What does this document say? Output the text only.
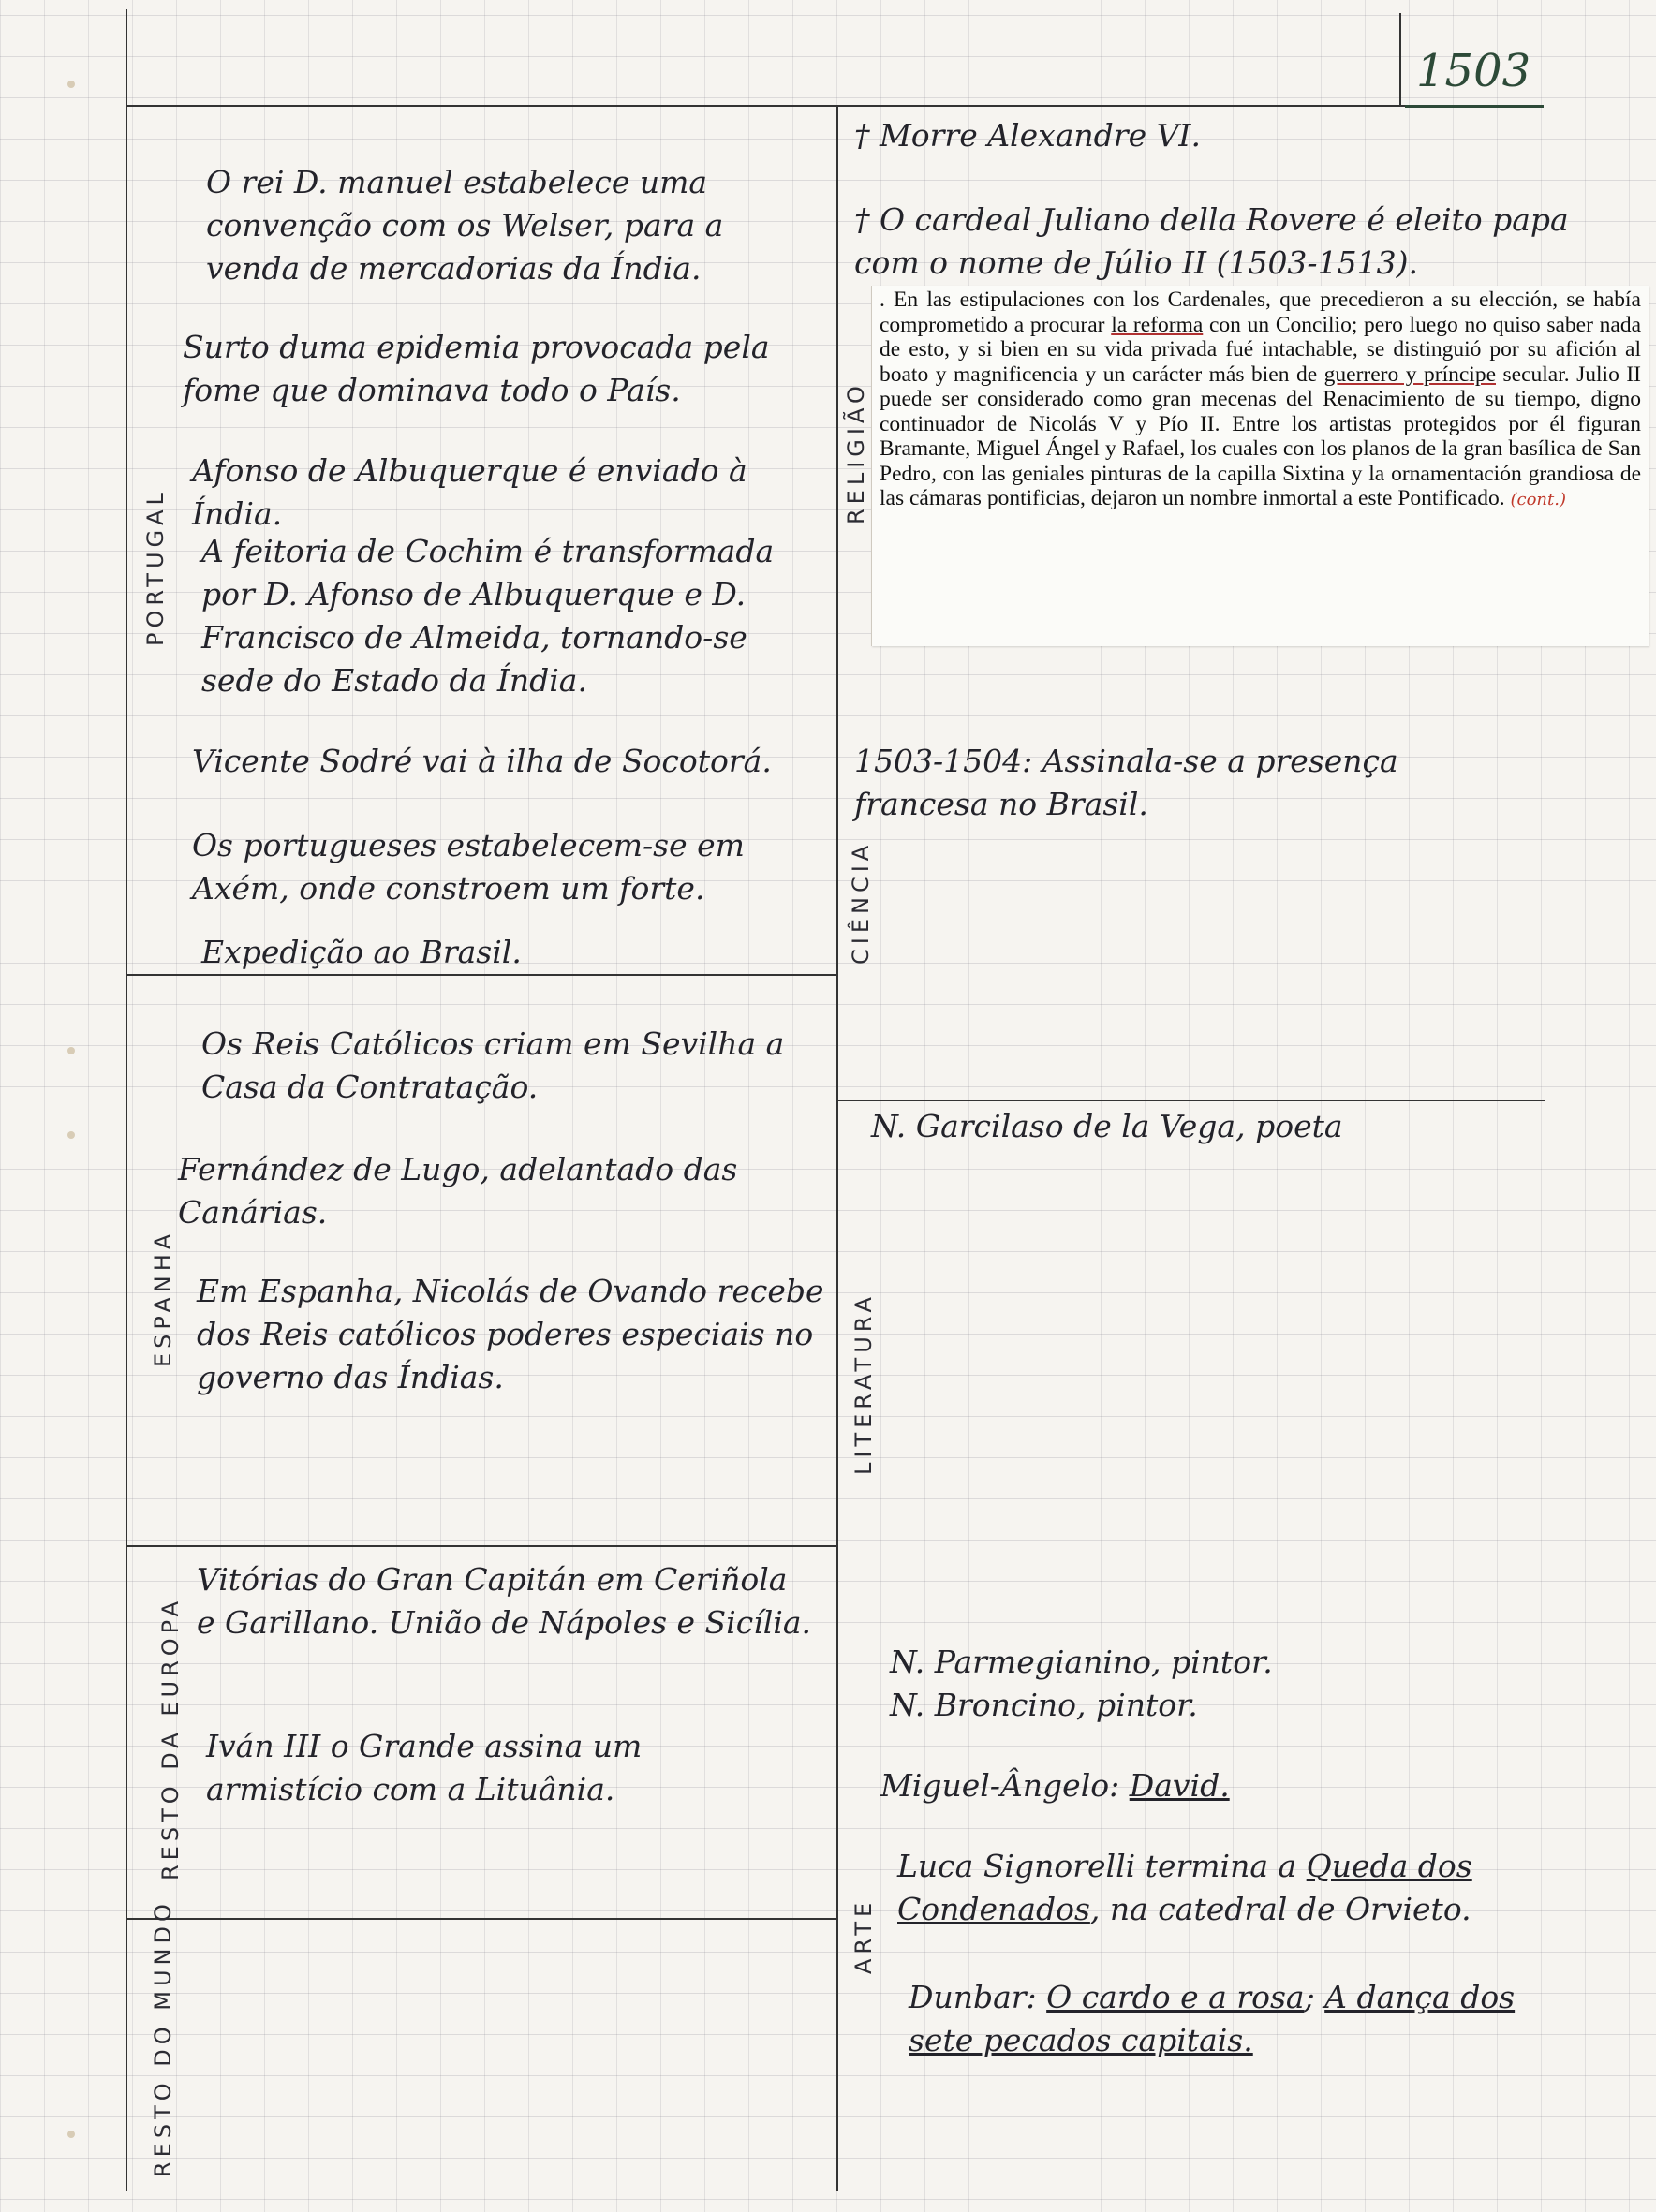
1503
PORTUGAL
ESPANHA
RESTO DA EUROPA
RESTO DO MUNDO
RELIGIÃO
CIÊNCIA
LITERATURA
ARTE
O rei D. manuel estabelece uma convenção com os Welser, para a venda de mercadorias da Índia.
Surto duma epidemia provocada pela fome que dominava todo o País.
Afonso de Albuquerque é enviado à Índia.
A feitoria de Cochim é transformada por D. Afonso de Albuquerque e D. Francisco de Almeida, tornando-se sede do Estado da Índia.
Vicente Sodré vai à ilha de Socotorá.
Os portugueses estabelecem-se em Axém, onde constroem um forte.
Expedição ao Brasil.
Os Reis Católicos criam em Sevilha a Casa da Contratação.
Fernández de Lugo, adelantado das Canárias.
Em Espanha, Nicolás de Ovando recebe dos Reis católicos poderes especiais no governo das Índias.
Vitórias do Gran Capitán em Ceriñola e Garillano. União de Nápoles e Sicília.
Iván III o Grande assina um armistício com a Lituânia.
† Morre Alexandre VI.
† O cardeal Juliano della Rovere é eleito papa com o nome de Júlio II (1503-1513).
. En las estipulaciones con los Cardenales, que precedieron a su elección, se había comprometido a procurar la reforma con un Concilio; pero luego no quiso saber nada de esto, y si bien en su vida privada fué intachable, se distinguió por su afición al boato y magnificencia y un carácter más bien de guerrero y príncipe secular. Julio II puede ser considerado como gran mecenas del Renacimiento de su tiempo, digno continuador de Nicolás V y Pío II. Entre los artistas protegidos por él figuran Bramante, Miguel Ángel y Rafael, los cuales con los planos de la gran basílica de San Pedro, con las geniales pinturas de la capilla Sixtina y la ornamentación grandiosa de las cámaras pontificias, dejaron un nombre inmortal a este Pontificado. (cont.)
1503-1504: Assinala-se a presença francesa no Brasil.
N. Garcilaso de la Vega, poeta
N. Parmegianino, pintor.
N. Broncino, pintor.
Miguel-Ângelo: David.
Luca Signorelli termina a Queda dos Condenados, na catedral de Orvieto.
Dunbar: O cardo e a rosa; A dança dos sete pecados capitais.
